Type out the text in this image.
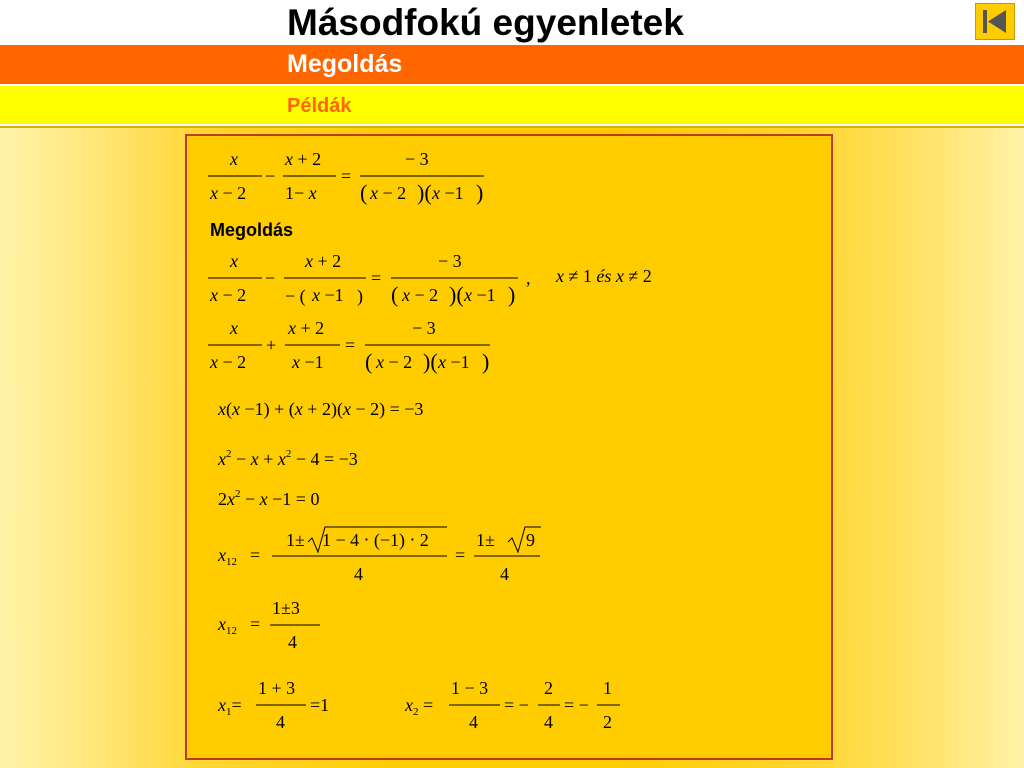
Másodfokú egyenletek
Megoldás
Példák
Megoldás
x
x − 2
−
x + 2
1− x
=
− 3
( x − 2 )( x −1 )
x
x − 2
−
x + 2
− ( x −1 )
=
− 3
( x − 2 )( x −1 )
, x ≠ 1 és x ≠ 2
x
x − 2
+
x + 2
x −1
=
− 3
( x − 2 )( x −1 )
x(x −1) + (x + 2)(x − 2) = −3
$x^2 - x + x^2 - 4 = -3$
$2x^2 - x -1 = 0$
$x_{12}$ =
1± 1 − 4 ⋅ (−1) ⋅ 2
4
=
1± 9
4
$x_{12}$ =
1±3
4
$x_1=$
1 + 3
4
=1	$x_2$ =
1 − 3
4
= −
2
4
= −
1
2
